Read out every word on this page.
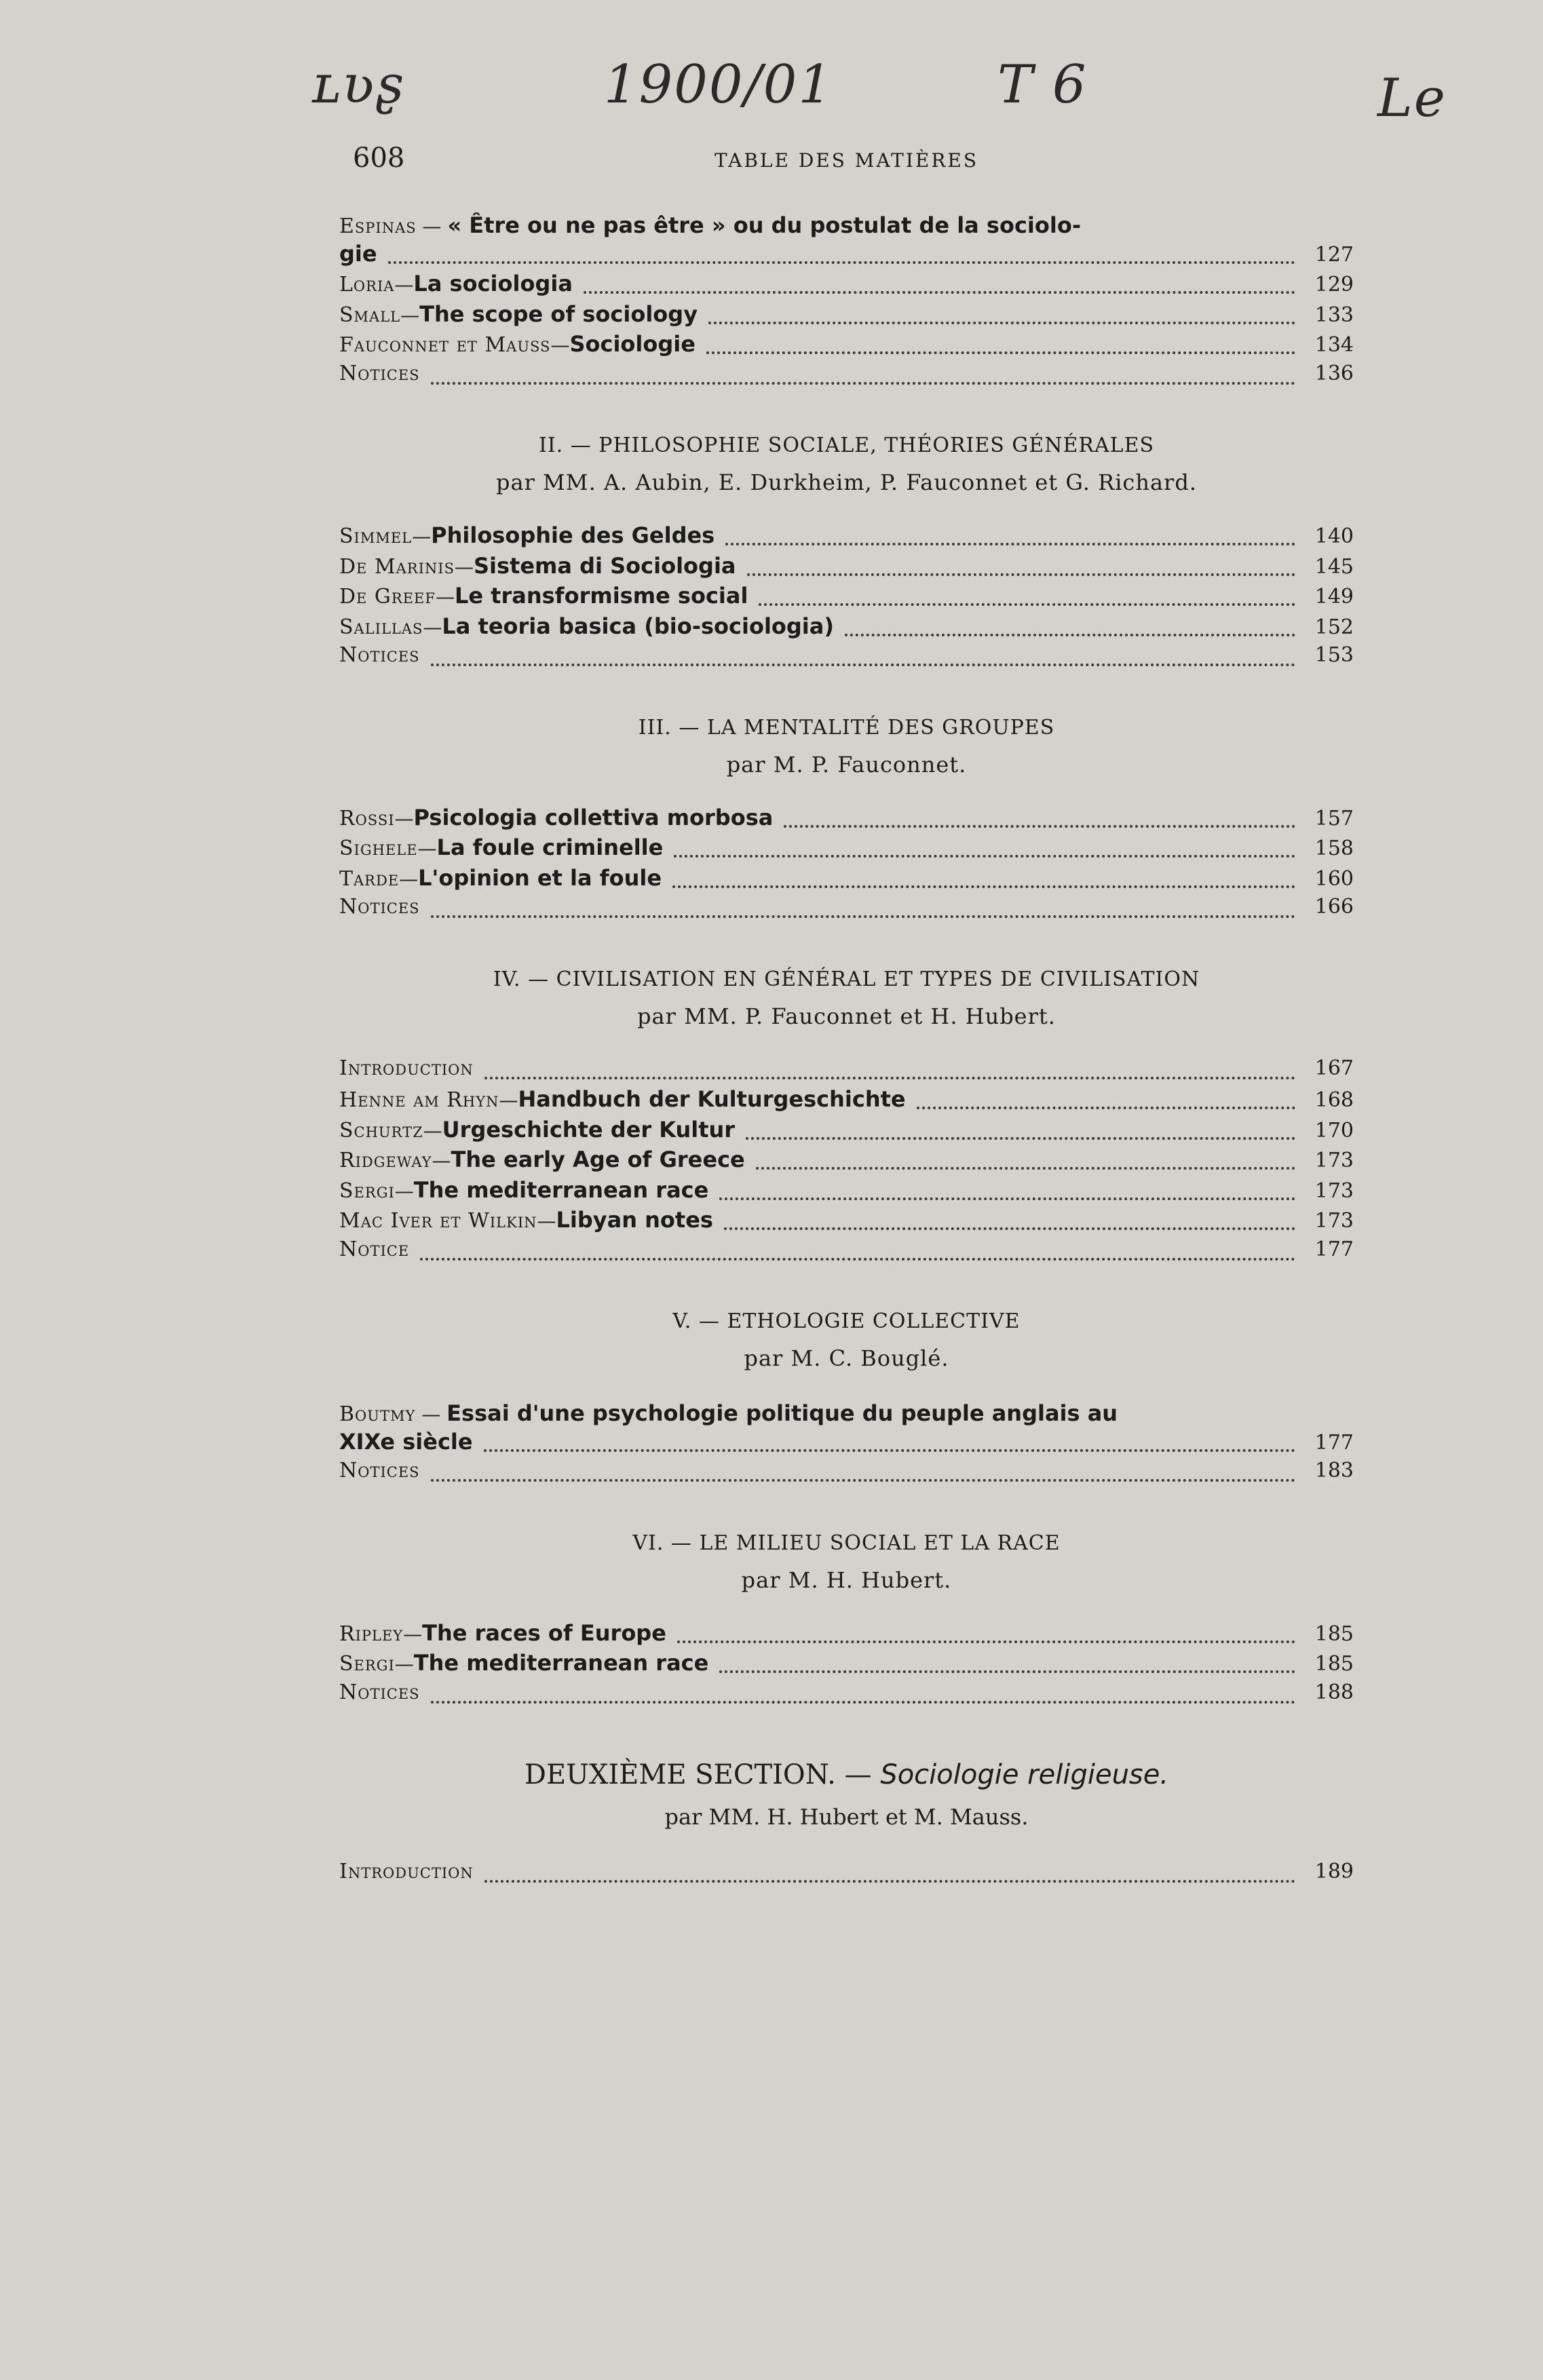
ʟʋʂ	1900/01	T 6	Le
608	TABLE DES MATIÈRES
Espinas — « Être ou ne pas être » ou du postulat de la sociolo-
gie	127
Loria — La sociologia	129
Small — The scope of sociology	133
Fauconnet et Mauss — Sociologie	134
Notices	136
II. — PHILOSOPHIE SOCIALE, THÉORIES GÉNÉRALES
par MM. A. Aubin, E. Durkheim, P. Fauconnet et G. Richard.
Simmel — Philosophie des Geldes	140
De Marinis — Sistema di Sociologia	145
De Greef — Le transformisme social	149
Salillas — La teoria basica (bio-sociologia)	152
Notices	153
III. — LA MENTALITÉ DES GROUPES
par M. P. Fauconnet.
Rossi — Psicologia collettiva morbosa	157
Sighele — La foule criminelle	158
Tarde — L'opinion et la foule	160
Notices	166
IV. — CIVILISATION EN GÉNÉRAL ET TYPES DE CIVILISATION
par MM. P. Fauconnet et H. Hubert.
Introduction	167
Henne am Rhyn — Handbuch der Kulturgeschichte	168
Schurtz — Urgeschichte der Kultur	170
Ridgeway — The early Age of Greece	173
Sergi — The mediterranean race	173
Mac Iver et Wilkin — Libyan notes	173
Notice	177
V. — ETHOLOGIE COLLECTIVE
par M. C. Bouglé.
Boutmy — Essai d'une psychologie politique du peuple anglais au
XIXe siècle	177
Notices	183
VI. — LE MILIEU SOCIAL ET LA RACE
par M. H. Hubert.
Ripley — The races of Europe	185
Sergi — The mediterranean race	185
Notices	188
DEUXIÈME SECTION. — Sociologie religieuse.
par MM. H. Hubert et M. Mauss.
Introduction	189
